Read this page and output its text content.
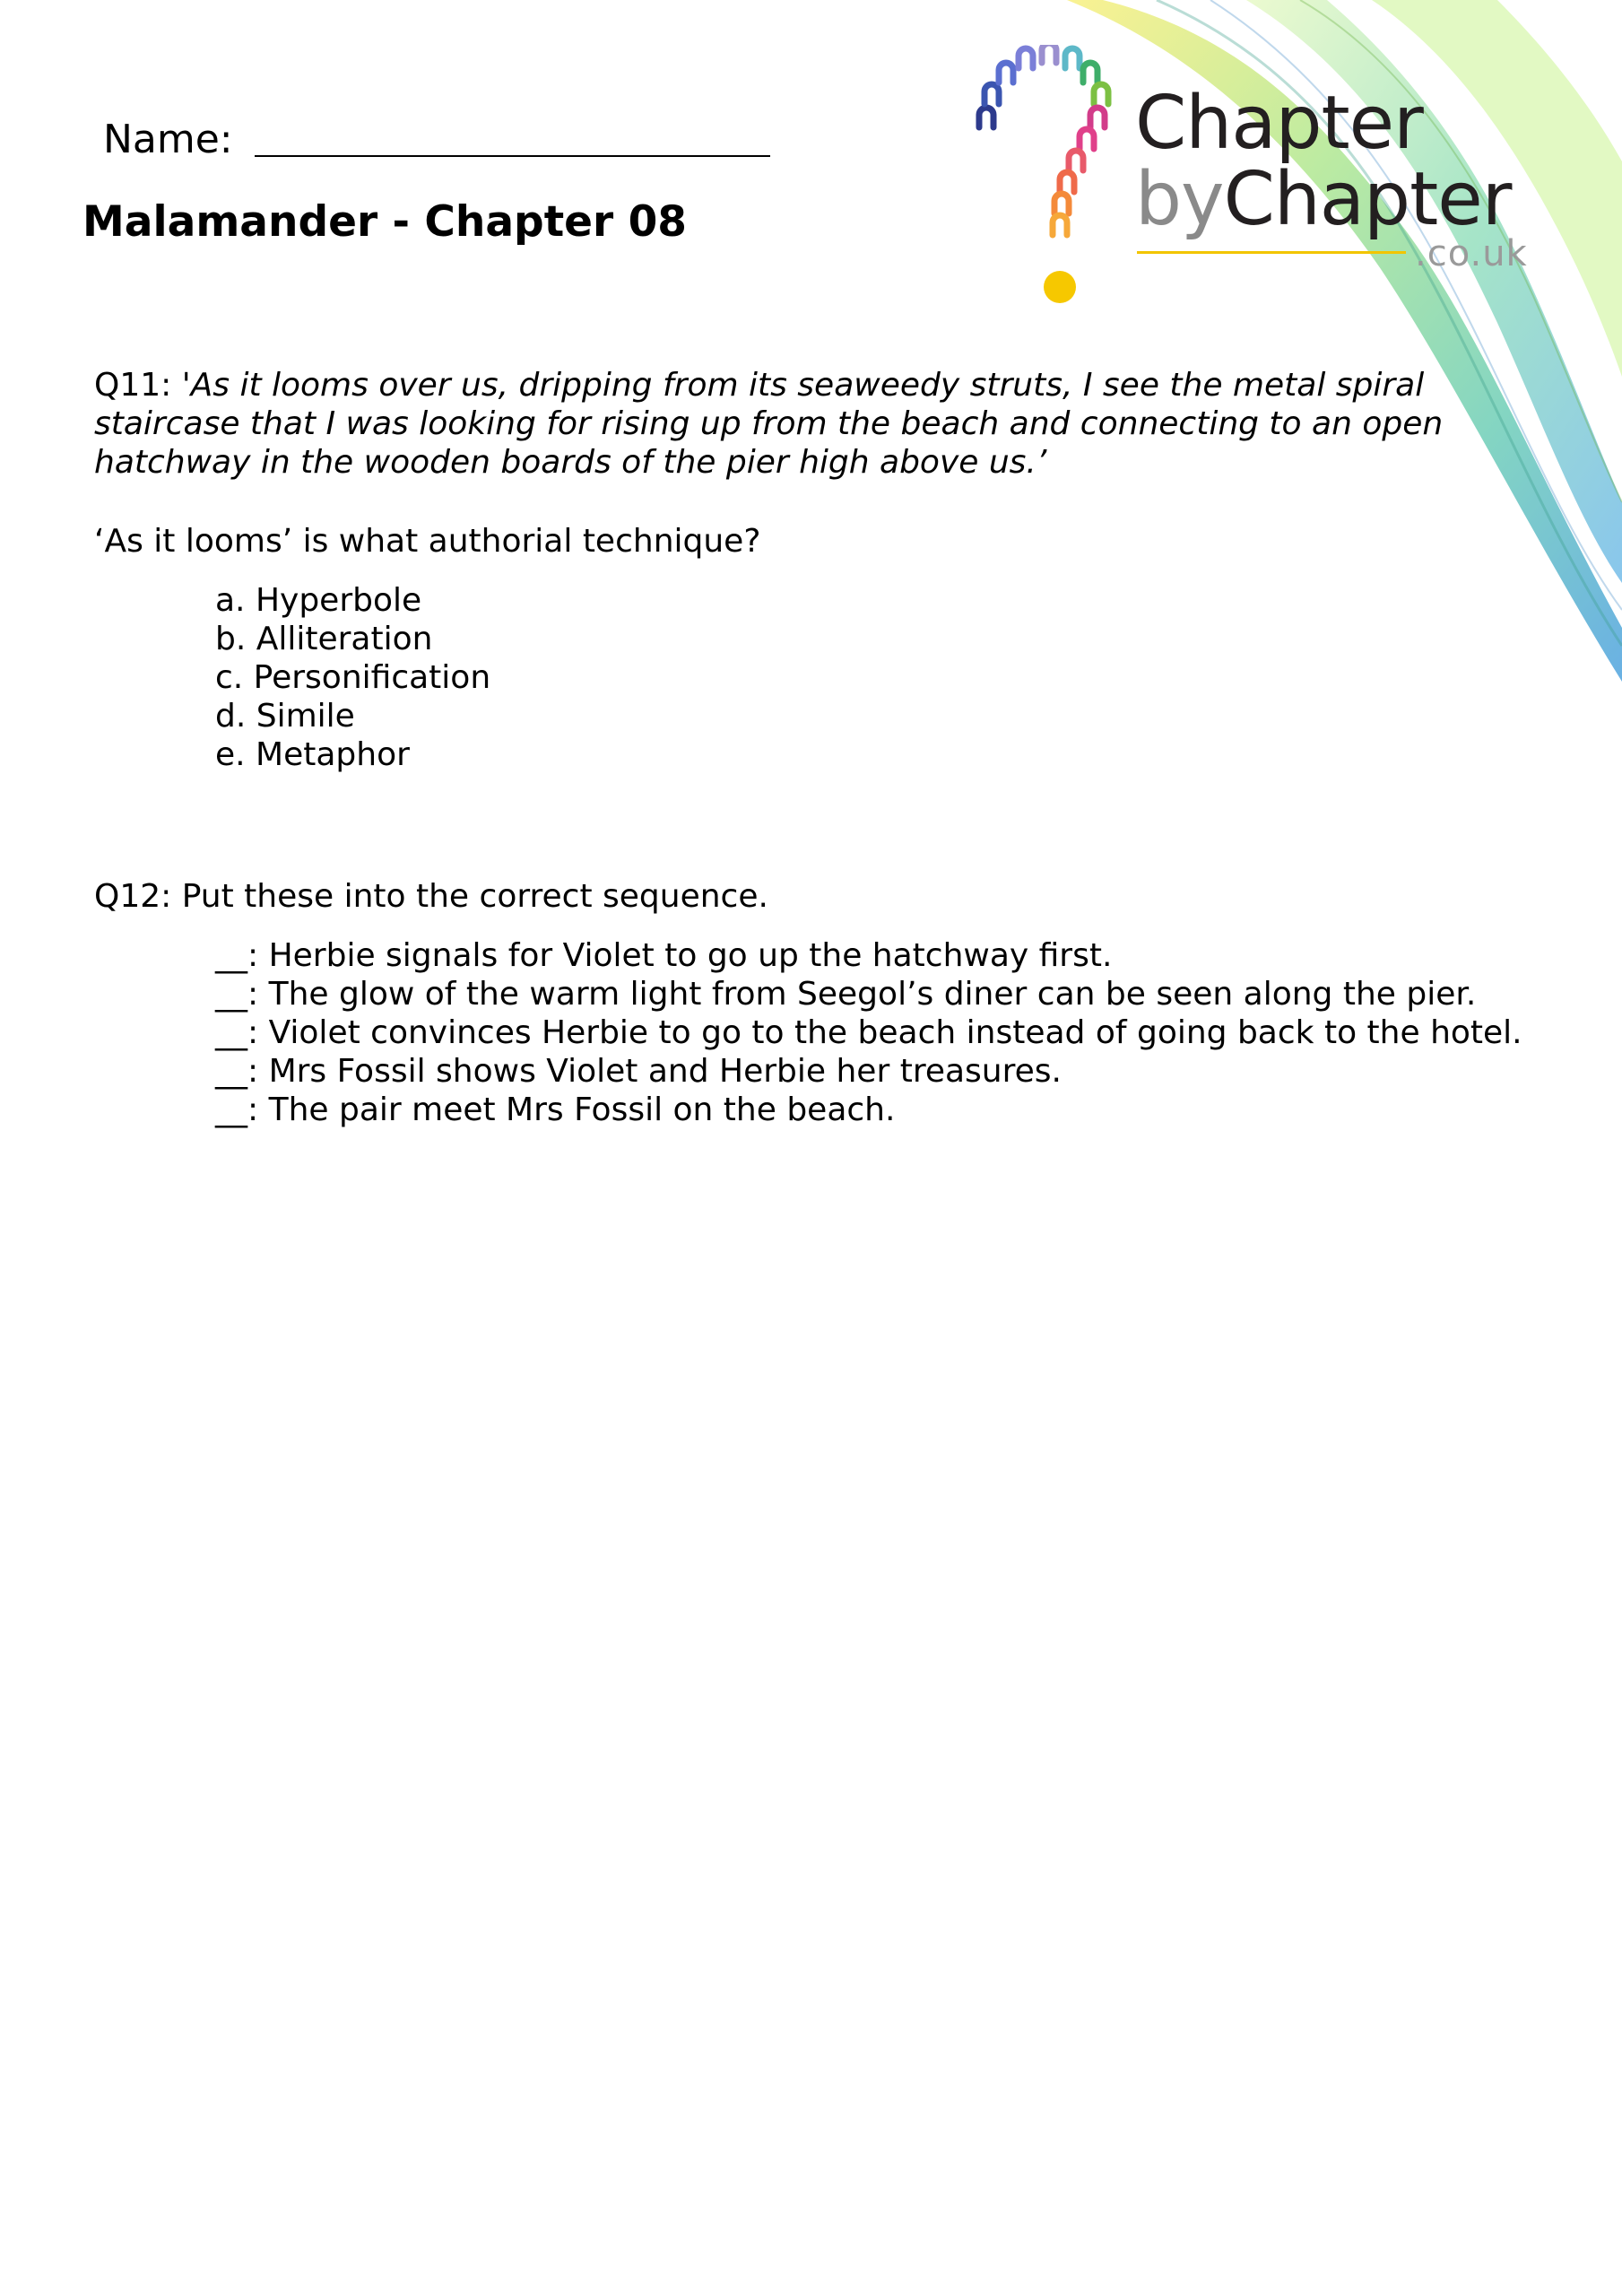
Chapter
byChapter
.co.uk
Name:
Malamander - Chapter 08
Q11: 'As it looms over us, dripping from its seaweedy struts, I see the metal spiral staircase that I was looking for rising up from the beach and connecting to an open hatchway in the wooden boards of the pier high above us.’
‘As it looms’ is what authorial technique?
a. Hyperbole
b. Alliteration
c. Personification
d. Simile
e. Metaphor
Q12: Put these into the correct sequence.
__: Herbie signals for Violet to go up the hatchway first.
__: The glow of the warm light from Seegol’s diner can be seen along the pier.
__: Violet convinces Herbie to go to the beach instead of going back to the hotel.
__: Mrs Fossil shows Violet and Herbie her treasures.
__: The pair meet Mrs Fossil on the beach.
